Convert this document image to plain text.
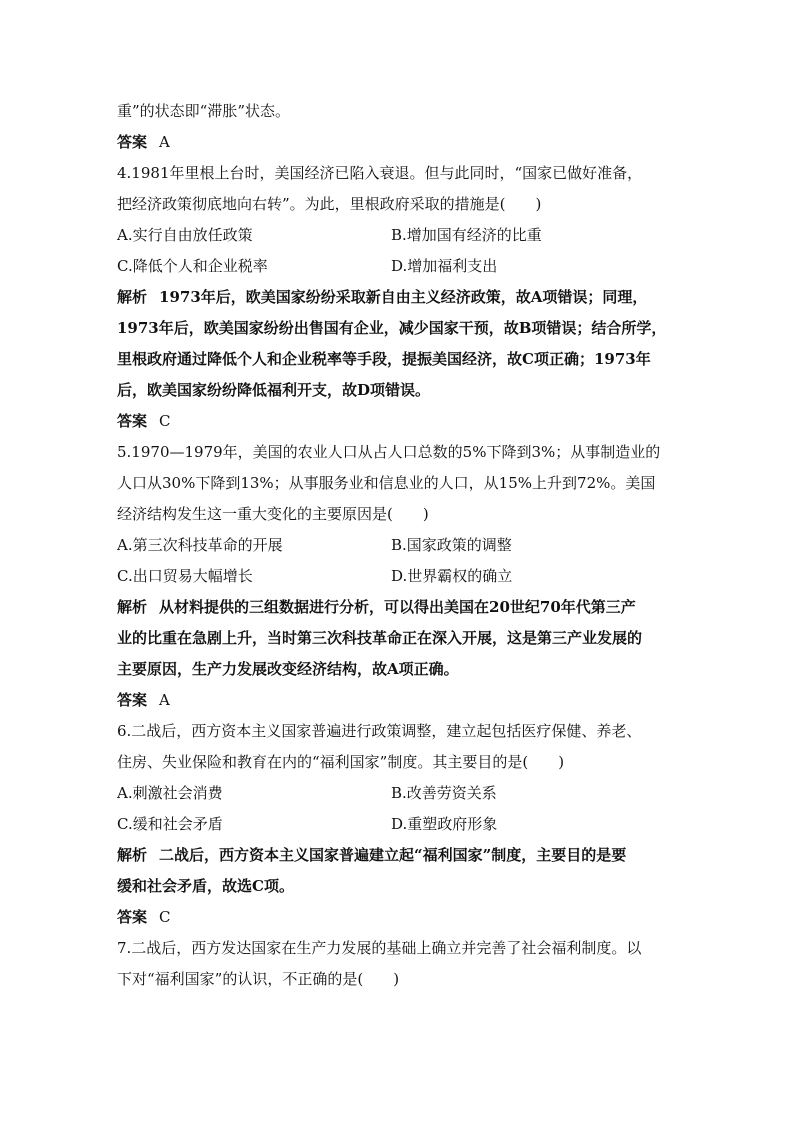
重”的状态即“滞胀”状态。
答案 A
4.1981年里根上台时，美国经济已陷入衰退。但与此同时，“国家已做好准备，
把经济政策彻底地向右转”。为此，里根政府采取的措施是(　　)
A.实行自由放任政策	B.增加国有经济的比重
C.降低个人和企业税率	D.增加福利支出
解析 1973年后，欧美国家纷纷采取新自由主义经济政策，故A项错误；同理，
1973年后，欧美国家纷纷出售国有企业，减少国家干预，故B项错误；结合所学，
里根政府通过降低个人和企业税率等手段，提振美国经济，故C项正确；1973年
后，欧美国家纷纷降低福利开支，故D项错误。
答案 C
5.1970—1979年，美国的农业人口从占人口总数的5%下降到3%；从事制造业的
人口从30%下降到13%；从事服务业和信息业的人口，从15%上升到72%。美国
经济结构发生这一重大变化的主要原因是(　　)
A.第三次科技革命的开展	B.国家政策的调整
C.出口贸易大幅增长	D.世界霸权的确立
解析 从材料提供的三组数据进行分析，可以得出美国在20世纪70年代第三产
业的比重在急剧上升，当时第三次科技革命正在深入开展，这是第三产业发展的
主要原因，生产力发展改变经济结构，故A项正确。
答案 A
6.二战后，西方资本主义国家普遍进行政策调整，建立起包括医疗保健、养老、
住房、失业保险和教育在内的“福利国家”制度。其主要目的是(　　)
A.刺激社会消费	B.改善劳资关系
C.缓和社会矛盾	D.重塑政府形象
解析 二战后，西方资本主义国家普遍建立起“福利国家”制度，主要目的是要
缓和社会矛盾，故选C项。
答案 C
7.二战后，西方发达国家在生产力发展的基础上确立并完善了社会福利制度。以
下对“福利国家”的认识，不正确的是(　　)
